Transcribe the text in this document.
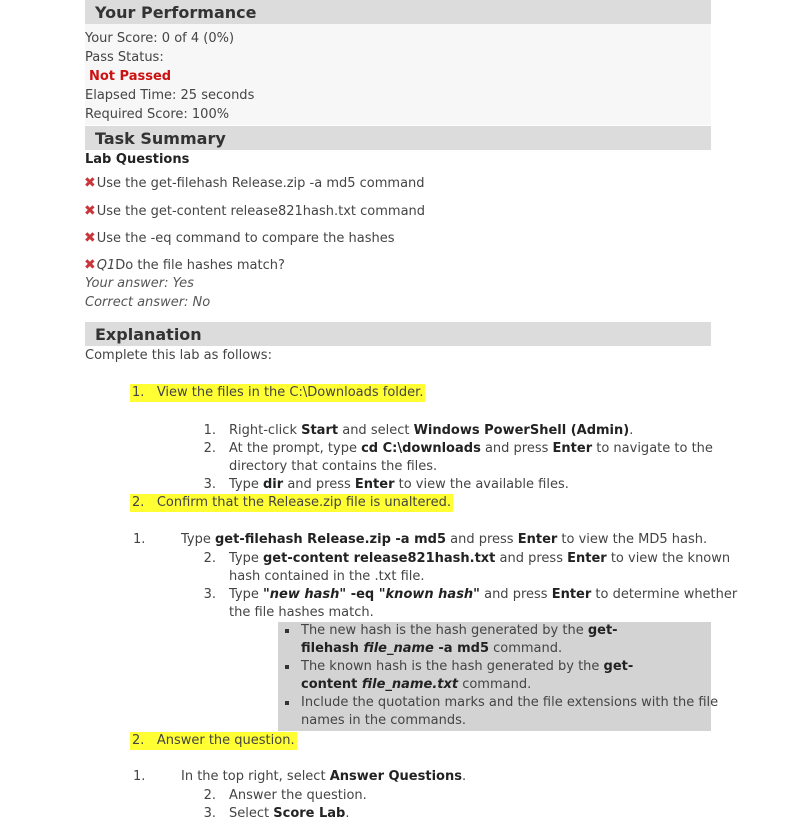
Your Performance
Your Score: 0 of 4 (0%)
Pass Status:
Not Passed
Elapsed Time: 25 seconds
Required Score: 100%
Task Summary
Lab Questions
✖Use the get-filehash Release.zip -a md5 command
✖Use the get-content release821hash.txt command
✖Use the -eq command to compare the hashes
✖Q1Do the file hashes match?
Your answer: Yes
Correct answer: No
Explanation
Complete this lab as follows:
1. View the files in the C:\Downloads folder.
1. Right-click Start and select Windows PowerShell (Admin).
2. At the prompt, type cd C:\downloads and press Enter to navigate to the
directory that contains the files.
3. Type dir and press Enter to view the available files.
2. Confirm that the Release.zip file is unaltered.
1.	Type get-filehash Release.zip -a md5 and press Enter to view the MD5 hash.
2. Type get-content release821hash.txt and press Enter to view the known
hash contained in the .txt file.
3. Type "new hash" -eq "known hash" and press Enter to determine whether
the file hashes match.
The new hash is the hash generated by the get-
filehash file_name -a md5 command.
The known hash is the hash generated by the get-
content file_name.txt command.
Include the quotation marks and the file extensions with the file
names in the commands.
2. Answer the question.
1.	In the top right, select Answer Questions.
2. Answer the question.
3. Select Score Lab.
